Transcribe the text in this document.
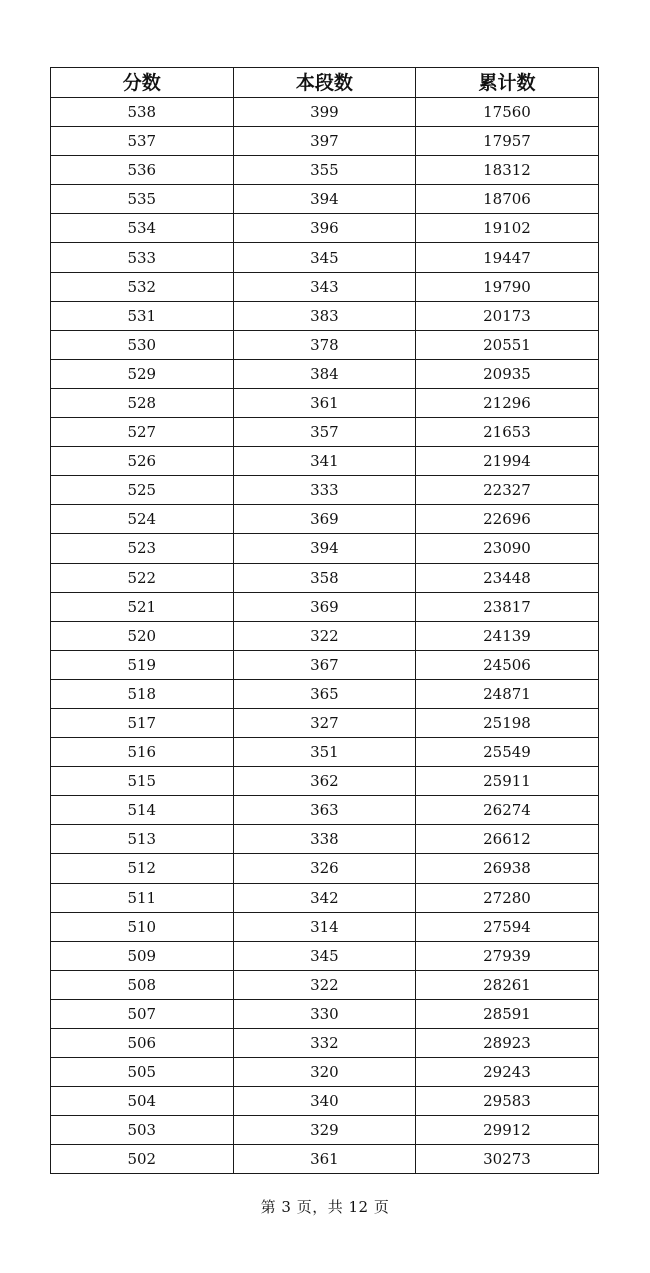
分数	本段数	累计数
538	399	17560
537	397	17957
536	355	18312
535	394	18706
534	396	19102
533	345	19447
532	343	19790
531	383	20173
530	378	20551
529	384	20935
528	361	21296
527	357	21653
526	341	21994
525	333	22327
524	369	22696
523	394	23090
522	358	23448
521	369	23817
520	322	24139
519	367	24506
518	365	24871
517	327	25198
516	351	25549
515	362	25911
514	363	26274
513	338	26612
512	326	26938
511	342	27280
510	314	27594
509	345	27939
508	322	28261
507	330	28591
506	332	28923
505	320	29243
504	340	29583
503	329	29912
502	361	30273
第 3 页，共 12 页
